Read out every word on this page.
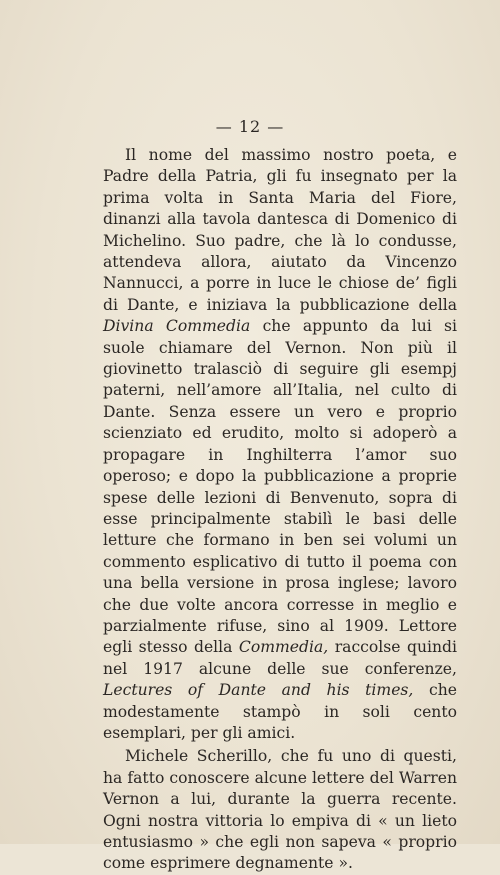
— 12 —

Il nome del massimo nostro poeta, e Padre della Patria, gli fu insegnato per la prima volta in Santa Maria del Fiore, dinanzi alla tavola dantesca di Domenico di Michelino. Suo padre, che là lo condusse, attendeva allora, aiutato da Vincenzo Nannucci, a porre in luce le chiose de’ figli di Dante, e iniziava la pubblicazione della Divina Commedia che appunto da lui si suole chiamare del Vernon. Non più il giovinetto tralasciò di seguire gli esempj paterni, nell’amore all’Italia, nel culto di Dante. Senza essere un vero e proprio scienziato ed erudito, molto si adoperò a propagare in Inghilterra l’amor suo operoso; e dopo la pubblicazione a proprie spese delle lezioni di Benvenuto, sopra di esse principalmente stabilì le basi delle letture che formano in ben sei volumi un commento esplicativo di tutto il poema con una bella versione in prosa inglese; lavoro che due volte ancora corresse in meglio e parzialmente rifuse, sino al 1909. Lettore egli stesso della Commedia, raccolse quindi nel 1917 alcune delle sue conferenze, Lectures of Dante and his times, che modestamente stampò in soli cento esemplari, per gli amici.

Michele Scherillo, che fu uno di questi, ha fatto conoscere alcune lettere del Warren Vernon a lui, durante la guerra recente. Ogni nostra vittoria lo empiva di « un lieto entusiasmo » che egli non sapeva « proprio come esprimere degnamente ».
